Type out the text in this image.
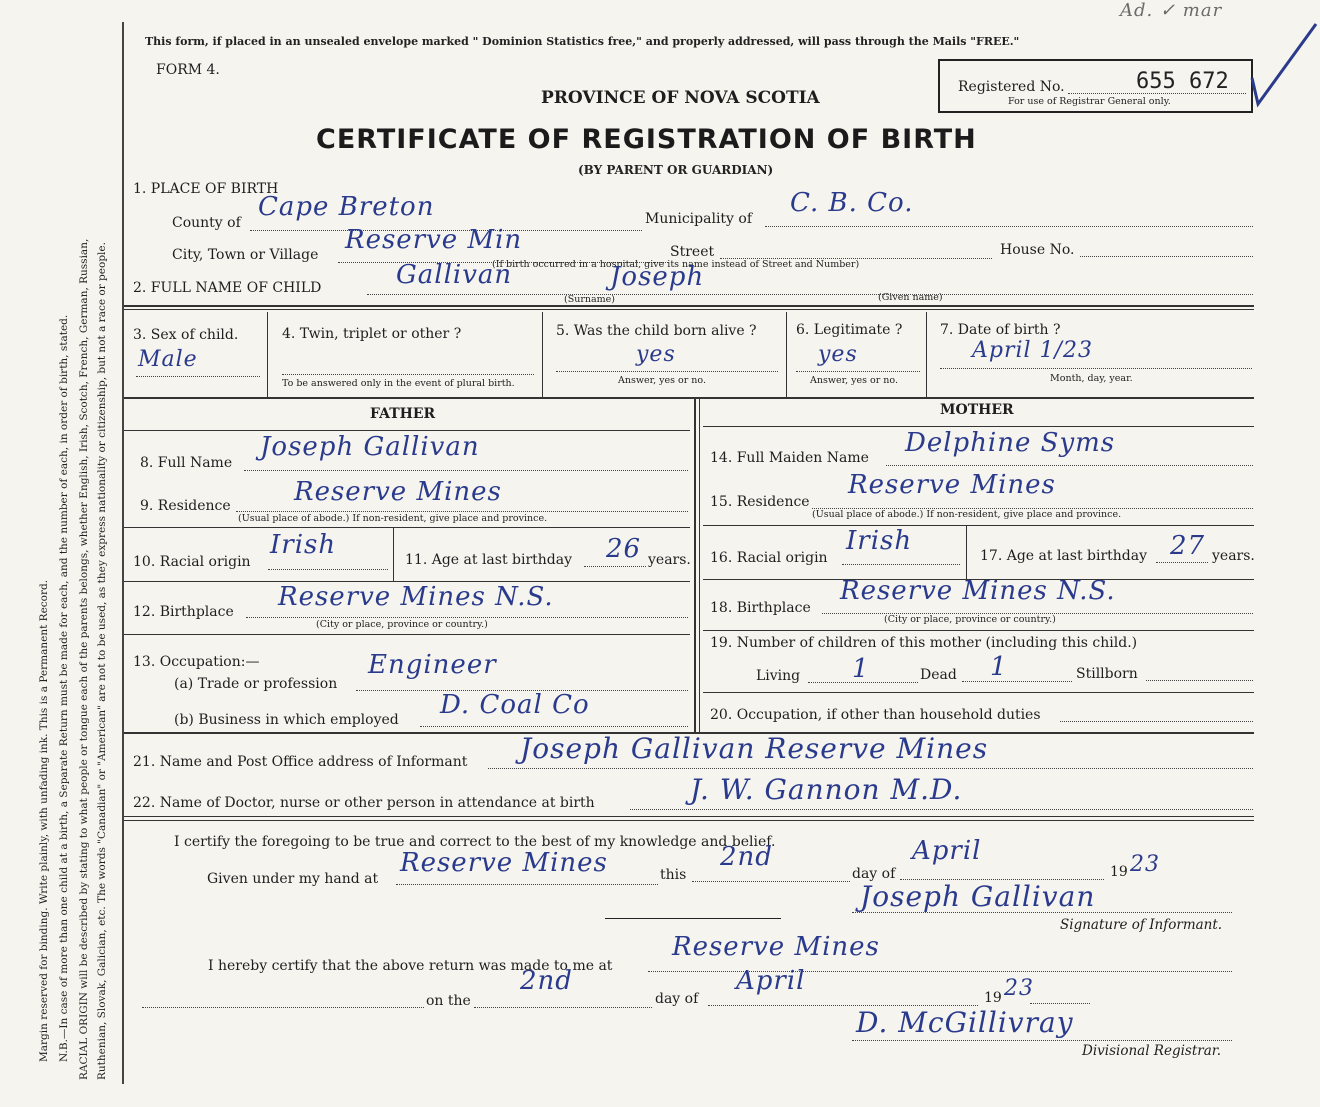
Margin reserved for binding. Write plainly, with unfading ink. This is a Permanent Record. N.B.—In case of more than one child at a birth, a Separate Return must be made for each, and the number of each, in order of birth, stated. RACIAL ORIGIN will be described by stating to what people or tongue each of the parents belongs, whether English, Irish, Scotch, French, German, Russian, Ruthenian, Slovak, Galician, etc. The words "Canadian" or "American" are not to be used, as they express nationality or citizenship, but not a race or people.
This form, if placed in an unsealed envelope marked " Dominion Statistics free," and properly addressed, will pass through the Mails "FREE."
FORM 4.
PROVINCE OF NOVA SCOTIA
Registered No.	655 672
For use of Registrar General only.
Ad. ✓ mar
CERTIFICATE OF REGISTRATION OF BIRTH
(BY PARENT OR GUARDIAN)
1. PLACE OF BIRTH
County of
Cape Breton	Municipality of
C. B. Co.
City, Town or Village Reserve Min	Street	House No.
(If birth occurred in a hospital, give its name instead of Street and Number)
2. FULL NAME OF CHILD	Gallivan	Joseph
(Surname)	(Given name)
3. Sex of child.
Male
4. Twin, triplet or other ?
To be answered only in the event of plural birth.
5. Was the child born alive ?
yes
Answer, yes or no.
6. Legitimate ?
yes
Answer, yes or no.
7. Date of birth ?
April 1/23
Month, day, year.
FATHER
8. Full Name
Joseph Gallivan
9. Residence Reserve Mines
(Usual place of abode.) If non-resident, give place and province.
10. Racial origin
Irish	11. Age at last birthday 26 years.
12. Birthplace Reserve Mines N.S.
(City or place, province or country.)
13. Occupation:—
(a) Trade or profession
Engineer
(b) Business in which employed D. Coal Co
MOTHER
14. Full Maiden Name Delphine Syms
15. Residence
Reserve Mines
(Usual place of abode.) If non-resident, give place and province.
16. Racial origin
Irish	17. Age at last birthday 27 years.
18. Birthplace
Reserve Mines N.S.
(City or place, province or country.)
19. Number of children of this mother (including this child.)
Living 1	Dead 1	Stillborn
20. Occupation, if other than household duties
21. Name and Post Office address of Informant Joseph Gallivan Reserve Mines
22. Name of Doctor, nurse or other person in attendance at birth	J. W. Gannon M.D.
I certify the foregoing to be true and correct to the best of my knowledge and belief.
Given under my hand at
Reserve Mines	this
2nd
day of
April
19 23
Joseph Gallivan
Signature of Informant.
I hereby certify that the above return was made to me at
Reserve Mines
on the
2nd
day of
April
19 23
D. McGillivray
Divisional Registrar.
